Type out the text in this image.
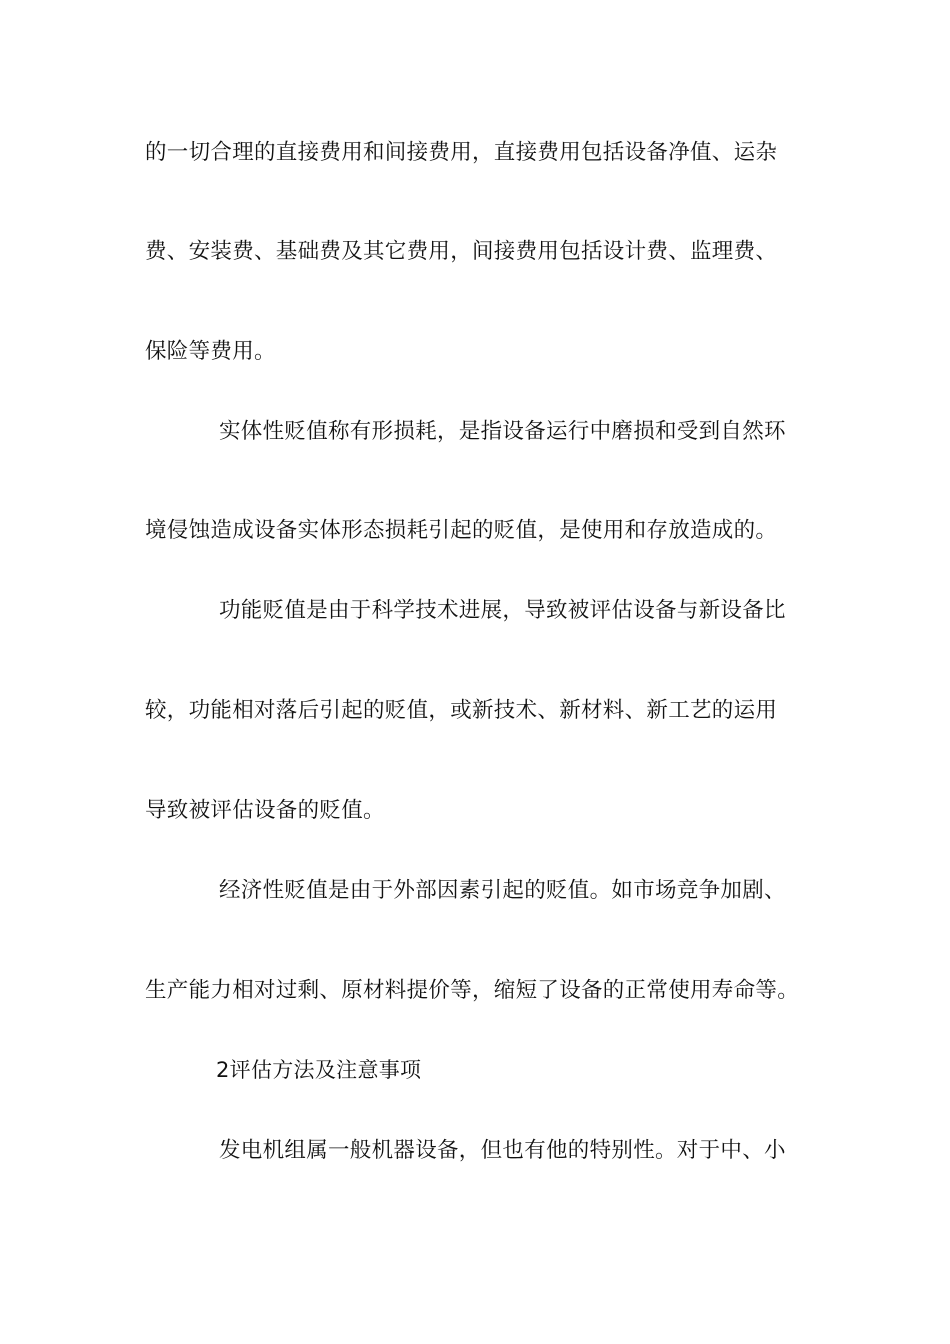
的一切合理的直接费用和间接费用，直接费用包括设备净值、运杂
费、安装费、基础费及其它费用，间接费用包括设计费、监理费、
保险等费用。
实体性贬值称有形损耗，是指设备运行中磨损和受到自然环
境侵蚀造成设备实体形态损耗引起的贬值，是使用和存放造成的。
功能贬值是由于科学技术进展，导致被评估设备与新设备比
较，功能相对落后引起的贬值，或新技术、新材料、新工艺的运用
导致被评估设备的贬值。
经济性贬值是由于外部因素引起的贬值。如市场竞争加剧、
生产能力相对过剩、原材料提价等，缩短了设备的正常使用寿命等。
2评估方法及注意事项
发电机组属一般机器设备，但也有他的特别性。对于中、小
